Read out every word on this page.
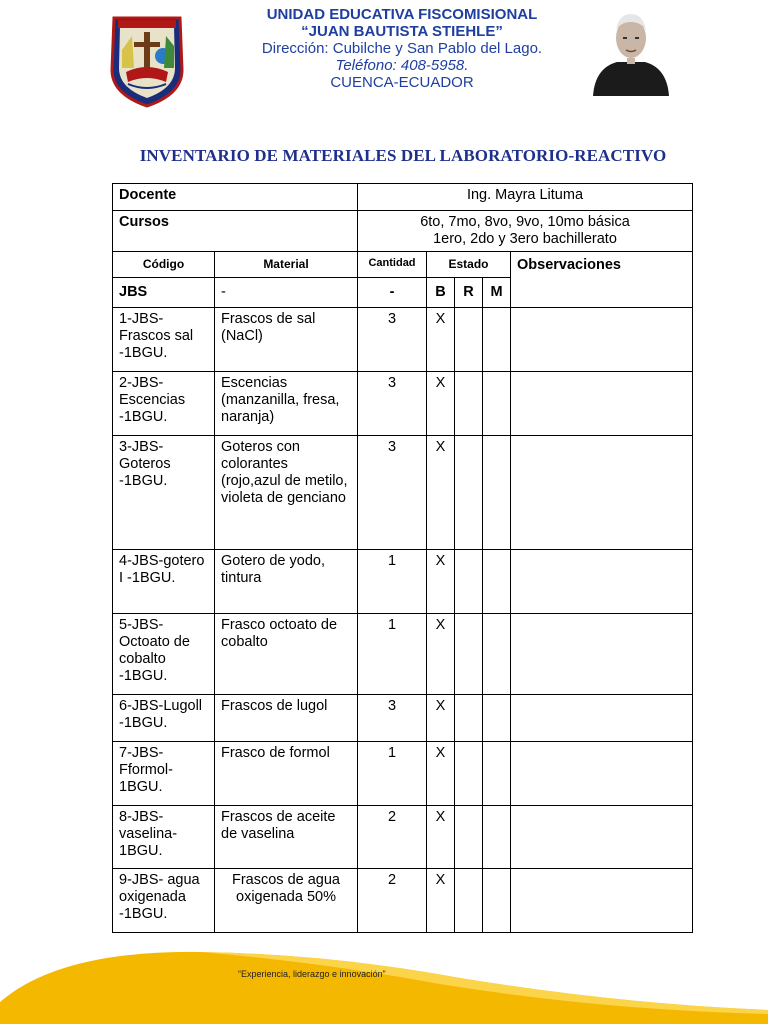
UNIDAD EDUCATIVA FISCOMISIONAL
“JUAN BAUTISTA STIEHLE”
Dirección: Cubilche y San Pablo del Lago.
Teléfono: 408-5958.
CUENCA-ECUADOR
INVENTARIO DE MATERIALES DEL LABORATORIO-REACTIVO
Docente		Ing. Mayra Lituma				
Cursos		6to, 7mo, 8vo, 9vo, 10mo básica
1ero, 2do y 3ero bachillerato				
Código	Material	Cantidad	Estado			Observaciones
JBS	-	-	B	R	M	
1-JBS-Frascos sal -1BGU.	Frascos de sal (NaCl)	3	X			
2-JBS-Escencias -1BGU.	Escencias (manzanilla, fresa, naranja)	3	X			
3-JBS-Goteros -1BGU.	Goteros con colorantes (rojo,azul de metilo, violeta de genciano	3	X			
4-JBS-gotero I -1BGU.	Gotero de yodo, tintura	1	X			
5-JBS-Octoato de cobalto -1BGU.	Frasco octoato de cobalto	1	X			
6-JBS-Lugoll -1BGU.	Frascos de lugol	3	X			
7-JBS-Fformol-1BGU.	Frasco de formol	1	X			
8-JBS-vaselina-1BGU.	Frascos de aceite de vaselina	2	X			
9-JBS- agua oxigenada -1BGU.	Frascos de agua oxigenada 50%	2	X			
“Experiencia, liderazgo e innovación”
